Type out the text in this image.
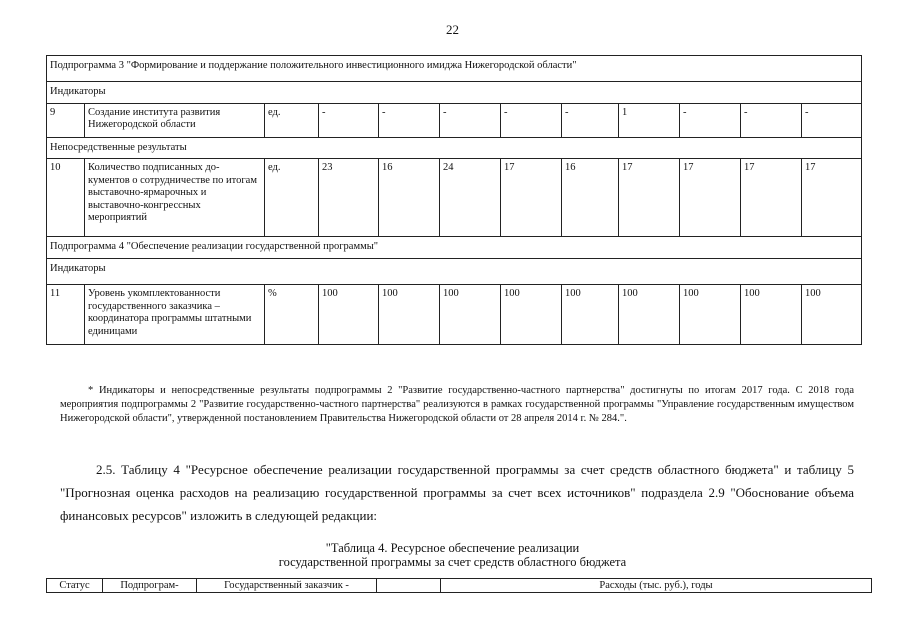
22
Подпрограмма 3 "Формирование и поддержание положительного инвестиционного имиджа Нижегородской области"											
Индикаторы											
9	Создание института развития Нижегородской области	ед.	-	-	-	-	-	1	-	-	-
Непосредственные результаты											
10	Количество подписанных до-кументов о сотрудничестве по итогам выставочно-ярмарочных и выставочно-конгрессных мероприятий	ед.	23	16	24	17	16	17	17	17	17
Подпрограмма 4 "Обеспечение реализации государственной программы"											
Индикаторы											
11	Уровень укомплектованности государственного заказчика – координатора программы штатными единицами	%	100	100	100	100	100	100	100	100	100

* Индикаторы и непосредственные результаты подпрограммы 2 "Развитие государственно-частного партнерства" достигнуты по итогам 2017 года. С 2018 года мероприятия подпрограммы 2 "Развитие государственно-частного партнерства" реализуются в рамках государственной программы "Управление государственным имуществом Нижегородской области", утвержденной постановлением Правительства Нижегородской области от 28 апреля 2014 г. № 284.".

2.5. Таблицу 4 "Ресурсное обеспечение реализации государственной программы за счет средств областного бюджета" и таблицу 5 "Прогнозная оценка расходов на реализацию государственной программы за счет всех источников" подраздела 2.9 "Обоснование объема финансовых ресурсов" изложить в следующей редакции:

"Таблица 4. Ресурсное обеспечение реализации
государственной программы за счет средств областного бюджета
Статус	Подпрограм-	Государственный заказчик -		Расходы (тыс. руб.), годы
